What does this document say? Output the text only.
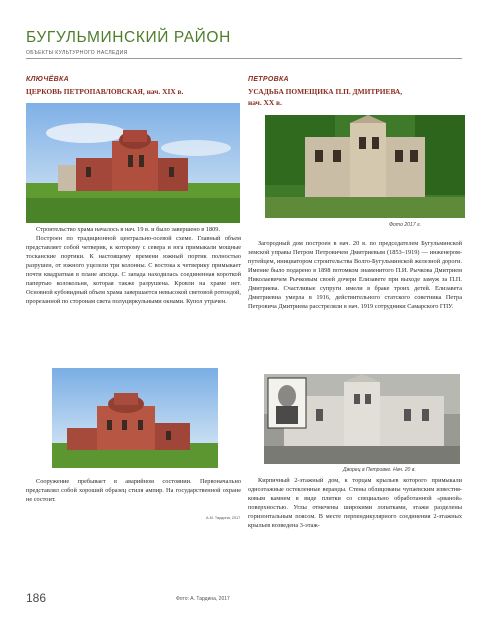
БУГУЛЬМИНСКИЙ РАЙОН
ОБЪЕКТЫ КУЛЬТУРНОГО НАСЛЕДИЯ
КЛЮЧЁВКА
ЦЕРКОВЬ ПЕТРОПАВЛОВСКАЯ, нач. XIX в.

Строительство храма началось в нач. 19 в. и было завершено в 1809.

Построен по традиционной центрально-осевой схеме. Главный объем представляет собой четверик, к которому с севера и юга примыкали мощные тосканские портики. К настоящему времени южный портик полностью разрушен, от южного уцелели три колонны. С востока к четверику примыкает почти квадратная в плане апсида. С запада находилась соединенная короткой папертью колокольня, которая также разрушена. Кровли на храме нет. Основной кубовидный объем храма завершается невысокой световой ротондой, прорезанной по сторонам света полуциркульными окнами. Купол утрачен.

Сооружение пребывает в аварийном состоянии. Первоначально представлял собой хороший образец стиля ампир. На государственной охране не состоит.

А.М. Тардина, 2017
ПЕТРОВКА
УСАДЬБА ПОМЕЩИКА П.П. ДМИТРИЕВА,
нач. XX в.
Фото 2017 г.

Загородный дом построен в нач. 20 в. по председателем Бугульминской земской управы Петром Петровичем Дмитриевым (1853–1919) — инженером-путейцем, инициатором строительства Волго-Бугульминской железной дороги. Имение было подарено в 1898 потомком знаменитого П.И. Рычкова Дмитрием Николаевичем Рычковым своей дочери Елизавете при выходе замуж за П.П. Дмитриева. Счастливые супруги имели в браке троих детей. Елизавета Дмитриевна умерла в 1916, действительного статского советника Петра Петровича Дмитриева расстреляли в нач. 1919 сотрудники Самарского ГПУ.

Дворец в Петровке. Нач. 20 в.

Кирпичный 2-этажный дом, к торцам крыльев которого примыкали одноэтажные остекленные веранды. Стены облицованы чупаевским известняковым камнем в виде плитки со специально обработанной «рваной» поверхностью. Углы отмечены широкими лопатками, этажи разделены горизонтальным поясом. В месте перпендикулярного соединения 2-этажных крыльев возведена 3-этаж-

186	Фото: А. Тардина, 2017
